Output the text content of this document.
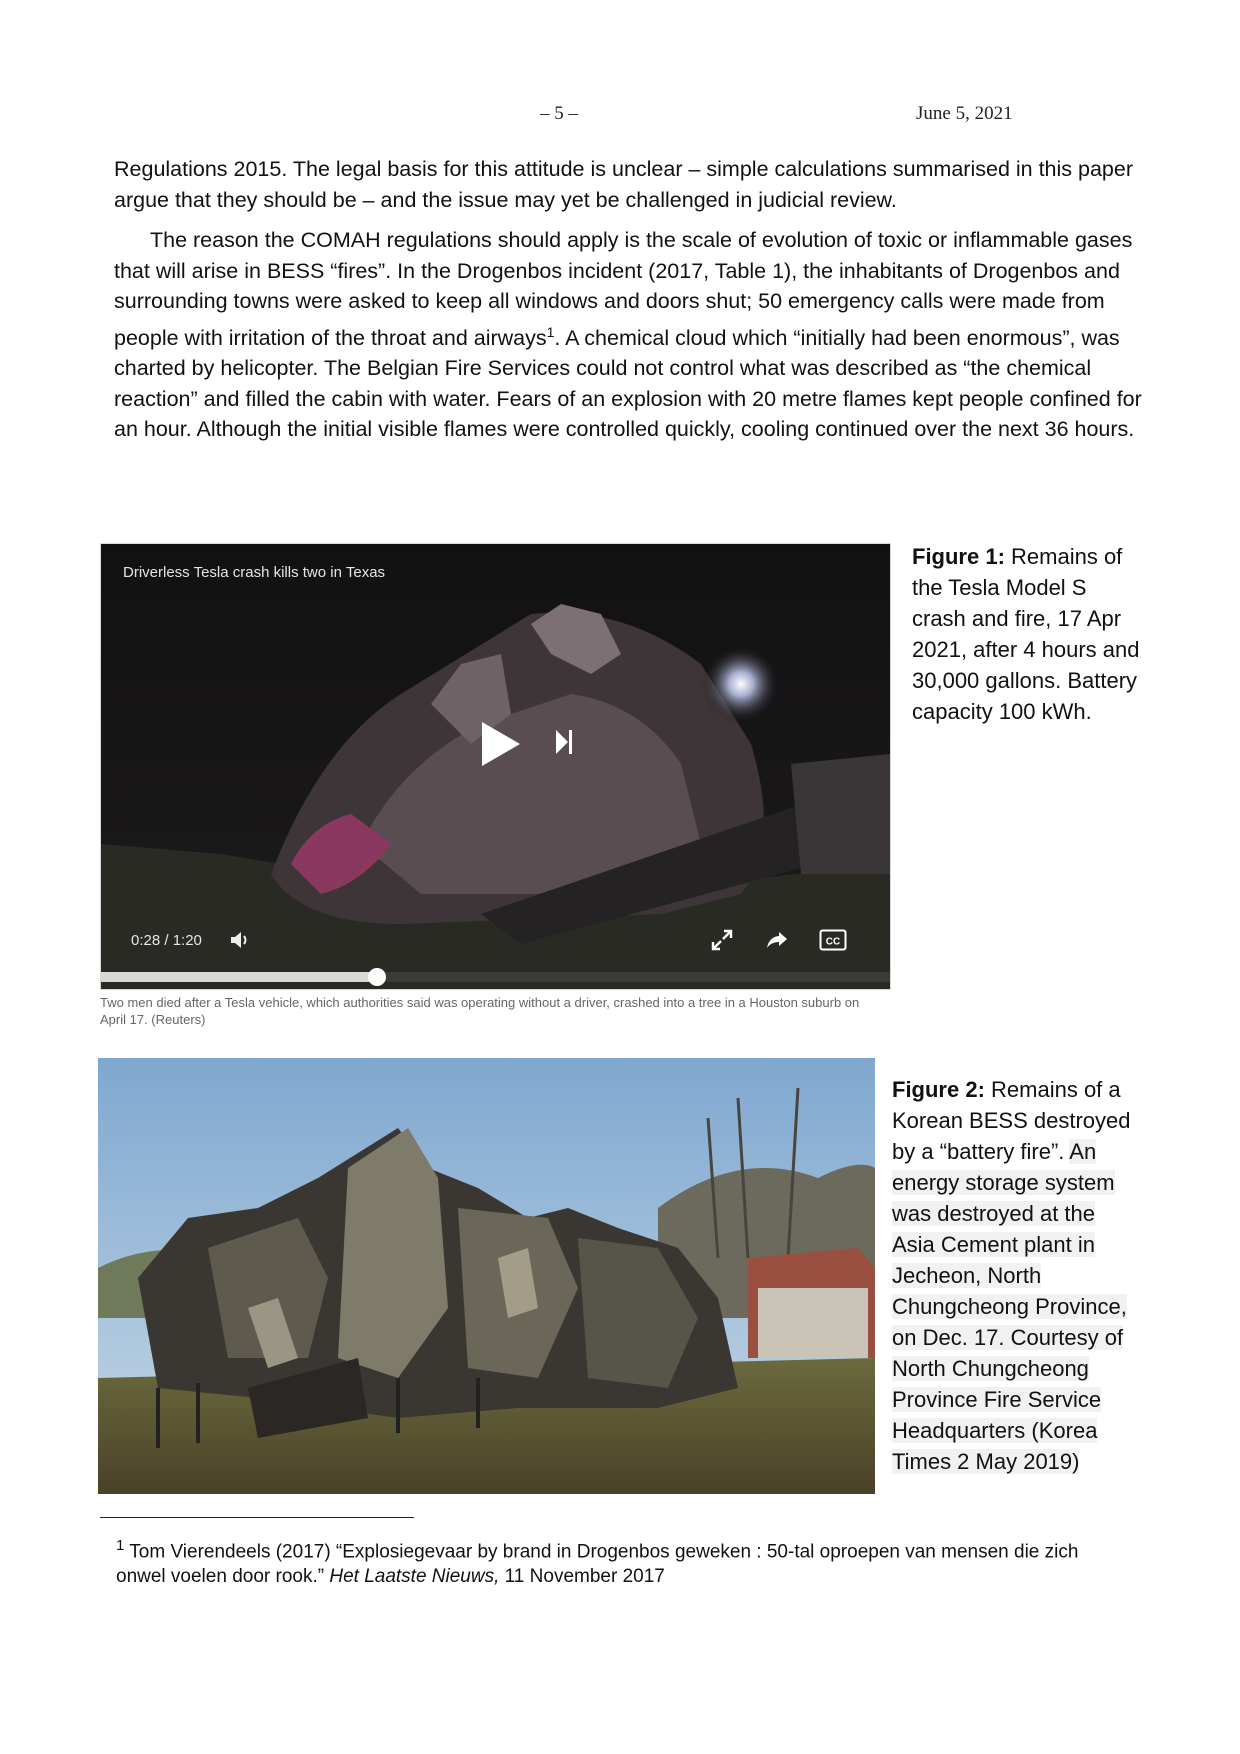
– 5 –	June 5, 2021

Regulations 2015. The legal basis for this attitude is unclear – simple calculations summarised in this paper argue that they should be – and the issue may yet be challenged in judicial review.

The reason the COMAH regulations should apply is the scale of evolution of toxic or inflammable gases that will arise in BESS “fires”. In the Drogenbos incident (2017, Table 1), the inhabitants of Drogenbos and surrounding towns were asked to keep all windows and doors shut; 50 emergency calls were made from people with irritation of the throat and airways$^1$. A chemical cloud which “initially had been enormous”, was charted by helicopter. The Belgian Fire Services could not control what was described as “the chemical reaction” and filled the cabin with water. Fears of an explosion with 20 metre flames kept people confined for an hour. Although the initial visible flames were controlled quickly, cooling continued over the next 36 hours.

Driverless Tesla crash kills two in Texas
0:28 / 1:20	CC
Two men died after a Tesla vehicle, which authorities said was operating without a driver, crashed into a tree in a Houston suburb on April 17. (Reuters)
Figure 1: Remains of the Tesla Model S crash and fire, 17 Apr 2021, after 4 hours and 30,000 gallons. Battery capacity 100 kWh.
Figure 2: Remains of a Korean BESS destroyed by a “battery fire”. An energy storage system was destroyed at the Asia Cement plant in Jecheon, North Chungcheong Province, on Dec. 17. Courtesy of North Chungcheong Province Fire Service Headquarters (Korea Times 2 May 2019)
$^1$ Tom Vierendeels (2017) “Explosiegevaar by brand in Drogenbos geweken : 50-tal oproepen van mensen die zich onwel voelen door rook.” Het Laatste Nieuws, 11 November 2017
